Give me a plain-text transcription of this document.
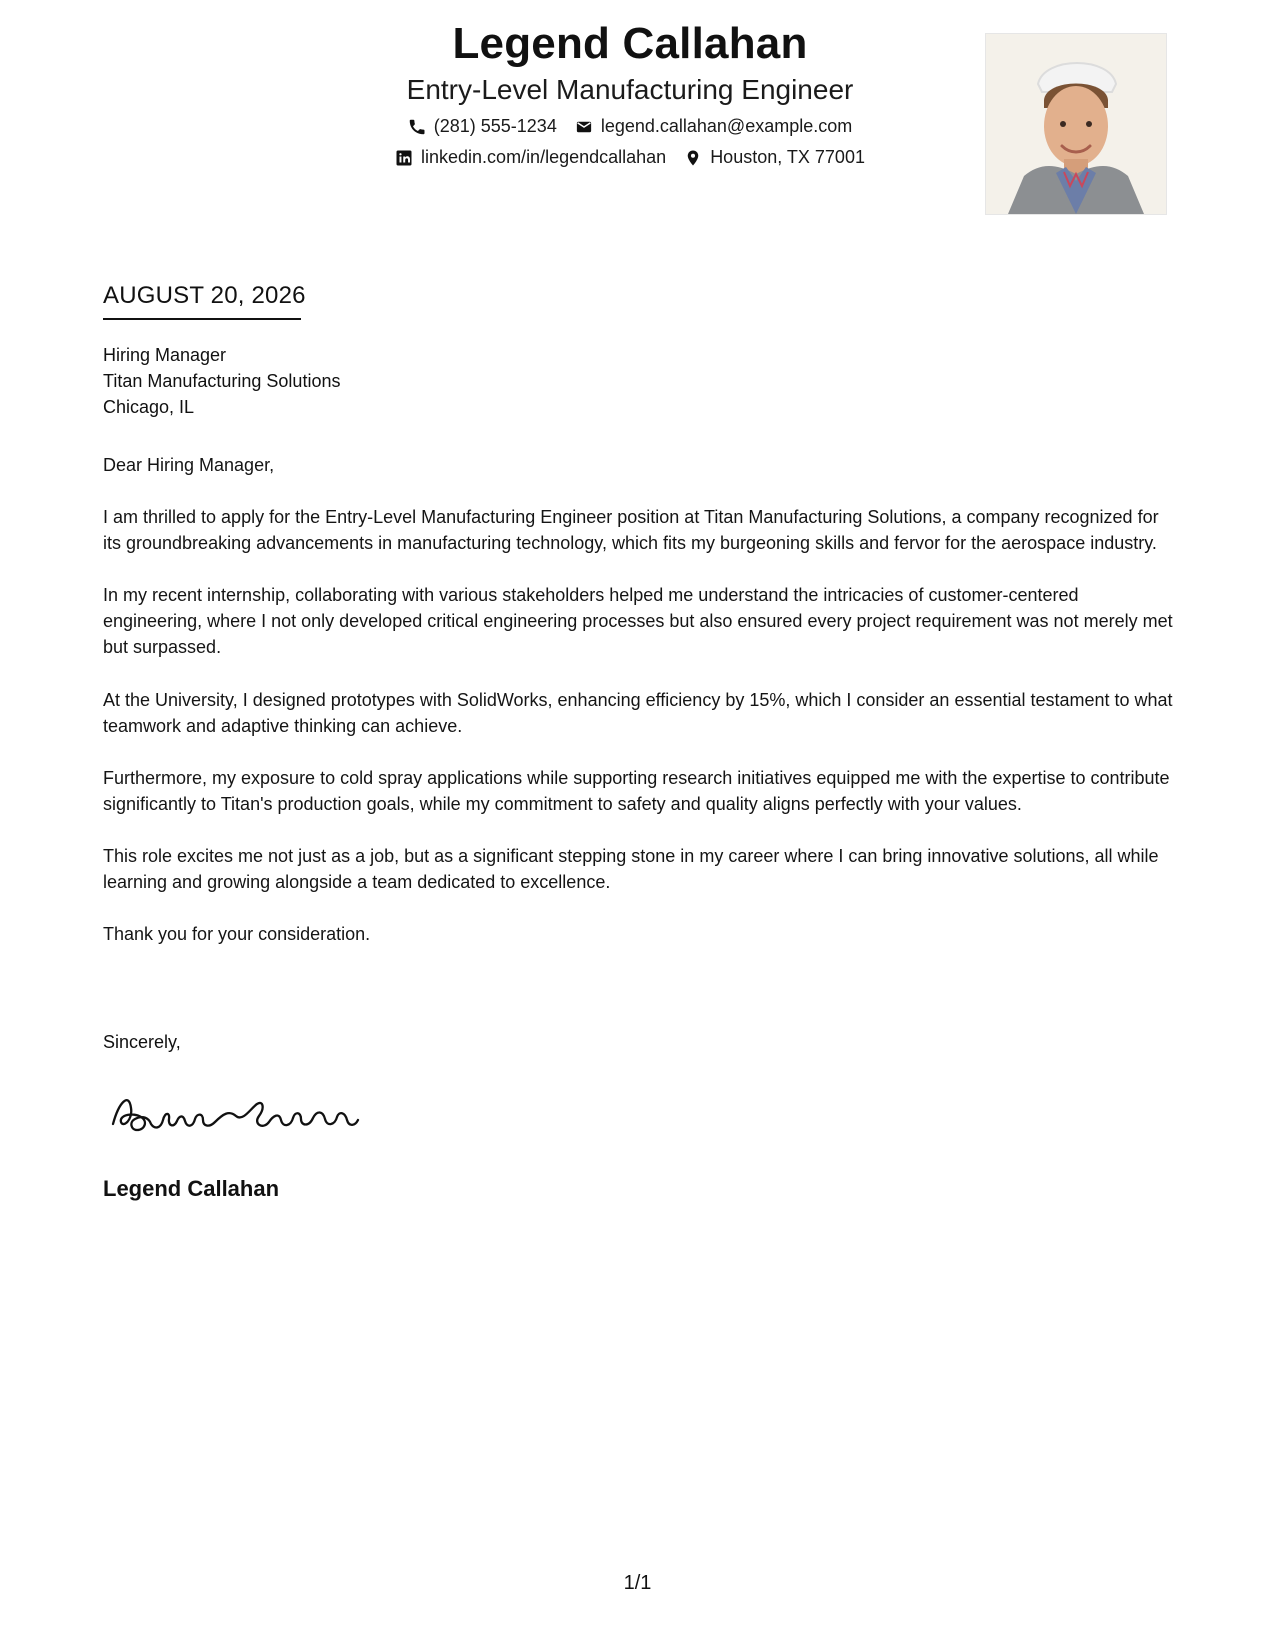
Legend Callahan
Entry-Level Manufacturing Engineer
(281) 555-1234 legend.callahan@example.com
linkedin.com/in/legendcallahan Houston, TX 77001
AUGUST 20, 2026
Hiring Manager
Titan Manufacturing Solutions
Chicago, IL

Dear Hiring Manager,

I am thrilled to apply for the Entry-Level Manufacturing Engineer position at Titan Manufacturing Solutions, a company recognized for its groundbreaking advancements in manufacturing technology, which fits my burgeoning skills and fervor for the aerospace industry.

In my recent internship, collaborating with various stakeholders helped me understand the intricacies of customer-centered engineering, where I not only developed critical engineering processes but also ensured every project requirement was not merely met but surpassed.

At the University, I designed prototypes with SolidWorks, enhancing efficiency by 15%, which I consider an essential testament to what teamwork and adaptive thinking can achieve.

Furthermore, my exposure to cold spray applications while supporting research initiatives equipped me with the expertise to contribute significantly to Titan's production goals, while my commitment to safety and quality aligns perfectly with your values.

This role excites me not just as a job, but as a significant stepping stone in my career where I can bring innovative solutions, all while learning and growing alongside a team dedicated to excellence.

Thank you for your consideration.

Sincerely,
Legend Callahan
1/1
